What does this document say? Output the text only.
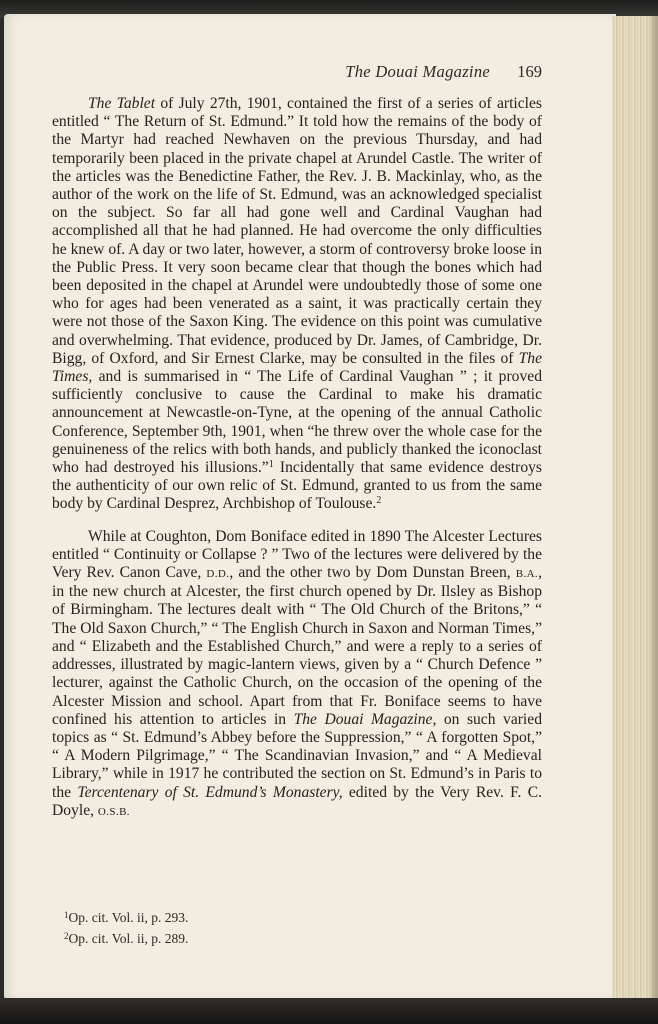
The Douai Magazine 169

The Tablet of July 27th, 1901, contained the first of a series of articles entitled “ The Return of St. Edmund.” It told how the remains of the body of the Martyr had reached Newhaven on the previous Thursday, and had temporarily been placed in the private chapel at Arundel Castle. The writer of the articles was the Benedictine Father, the Rev. J. B. Mackinlay, who, as the author of the work on the life of St. Edmund, was an acknowledged specialist on the subject. So far all had gone well and Cardinal Vaughan had accomplished all that he had planned. He had overcome the only difficulties he knew of. A day or two later, however, a storm of controversy broke loose in the Public Press. It very soon became clear that though the bones which had been deposited in the chapel at Arundel were undoubtedly those of some one who for ages had been venerated as a saint, it was practically certain they were not those of the Saxon King. The evidence on this point was cumulative and overwhelming. That evidence, produced by Dr. James, of Cambridge, Dr. Bigg, of Oxford, and Sir Ernest Clarke, may be consulted in the files of The Times, and is summarised in “ The Life of Cardinal Vaughan ” ; it proved sufficiently conclusive to cause the Cardinal to make his dramatic announcement at Newcastle-on-Tyne, at the opening of the annual Catholic Conference, September 9th, 1901, when “he threw over the whole case for the genuineness of the relics with both hands, and publicly thanked the iconoclast who had destroyed his illusions.”$^1$ Incidentally that same evidence destroys the authenticity of our own relic of St. Edmund, granted to us from the same body by Cardinal Desprez, Archbishop of Toulouse.$^2$

While at Coughton, Dom Boniface edited in 1890 The Alcester Lectures entitled “ Continuity or Collapse ? ” Two of the lectures were delivered by the Very Rev. Canon Cave, D.D., and the other two by Dom Dunstan Breen, B.A., in the new church at Alcester, the first church opened by Dr. Ilsley as Bishop of Birmingham. The lectures dealt with “ The Old Church of the Britons,” “ The Old Saxon Church,” “ The English Church in Saxon and Norman Times,” and “ Elizabeth and the Established Church,” and were a reply to a series of addresses, illustrated by magic-lantern views, given by a “ Church Defence ” lecturer, against the Catholic Church, on the occasion of the opening of the Alcester Mission and school. Apart from that Fr. Boniface seems to have confined his attention to articles in The Douai Magazine, on such varied topics as “ St. Edmund’s Abbey before the Suppression,” “ A forgotten Spot,” “ A Modern Pilgrimage,” “ The Scandinavian Invasion,” and “ A Medieval Library,” while in 1917 he contributed the section on St. Edmund’s in Paris to the Tercentenary of St. Edmund’s Monastery, edited by the Very Rev. F. C. Doyle, O.S.B.

$^1$Op. cit. Vol. ii, p. 293.
$^2$Op. cit. Vol. ii, p. 289.
